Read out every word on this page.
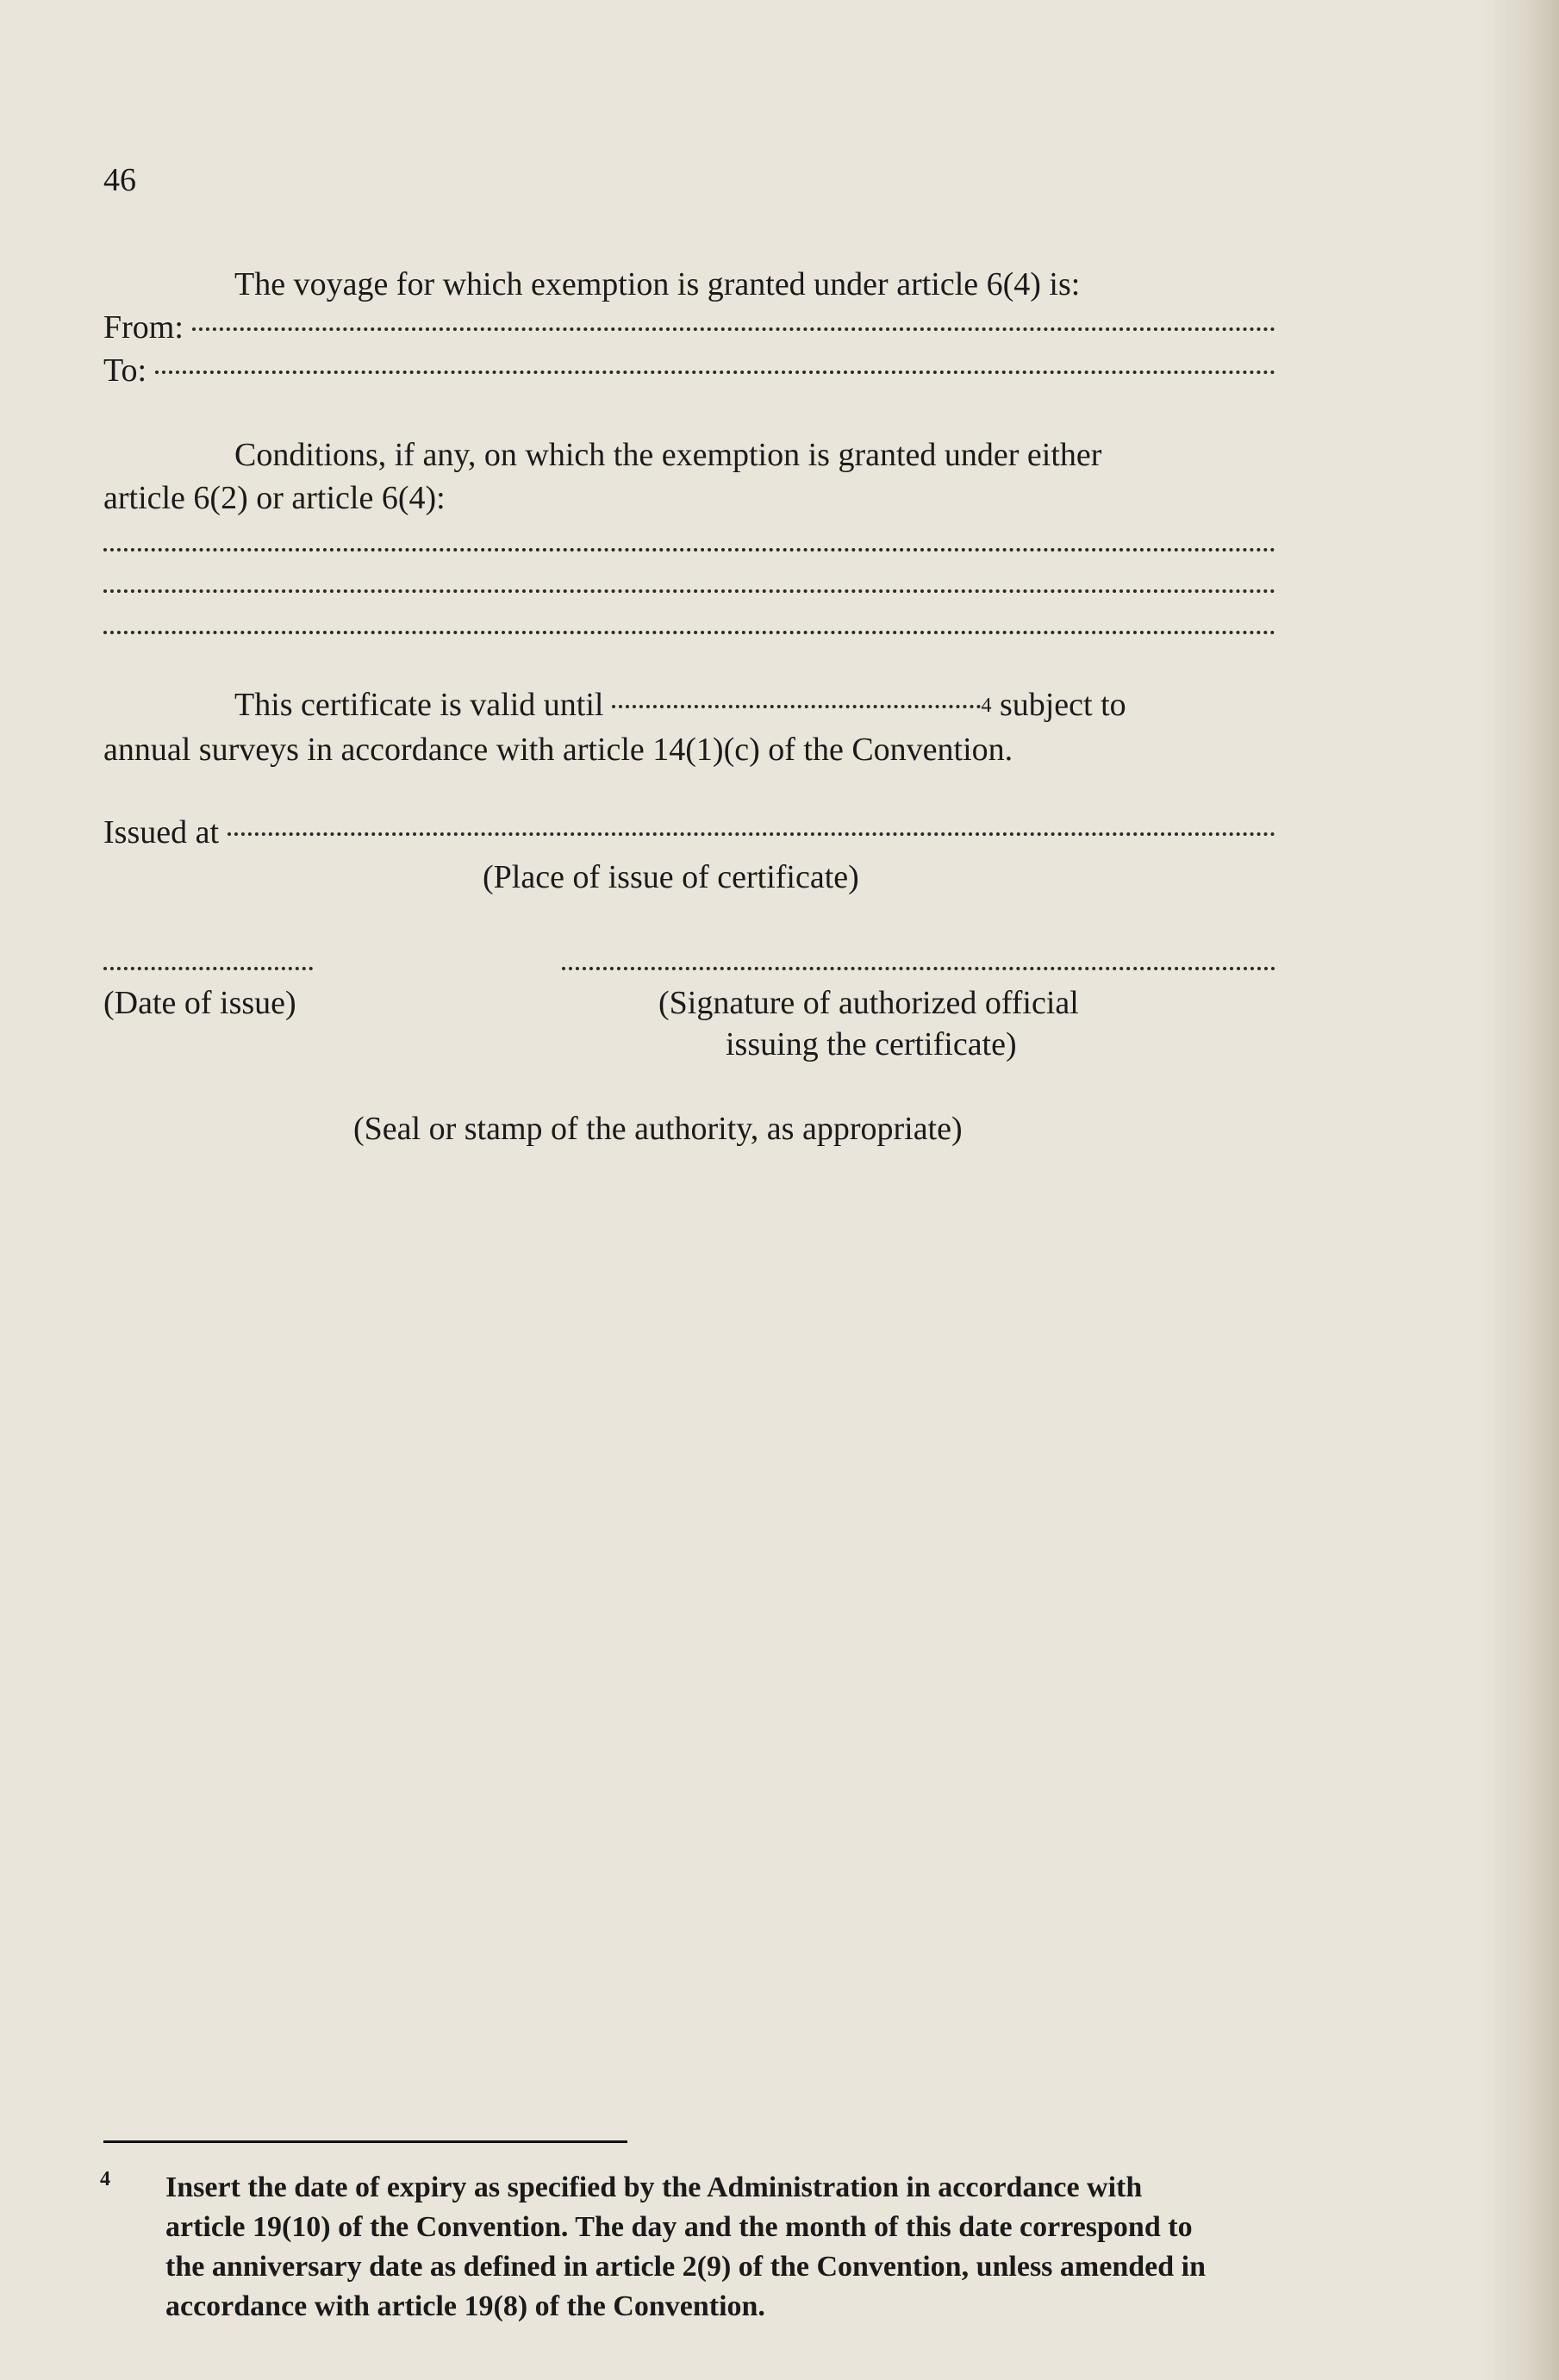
46
The voyage for which exemption is granted under article 6(4) is:
From:
To:
Conditions, if any, on which the exemption is granted under either
article 6(2) or article 6(4):
This certificate is valid until	$^4$ subject to
annual surveys in accordance with article 14(1)(c) of the Convention.
Issued at
(Place of issue of certificate)
(Date of issue)	(Signature of authorized official
issuing the certificate)
(Seal or stamp of the authority, as appropriate)
4 Insert the date of expiry as specified by the Administration in accordance with
article 19(10) of the Convention. The day and the month of this date correspond to
the anniversary date as defined in article 2(9) of the Convention, unless amended in
accordance with article 19(8) of the Convention.
